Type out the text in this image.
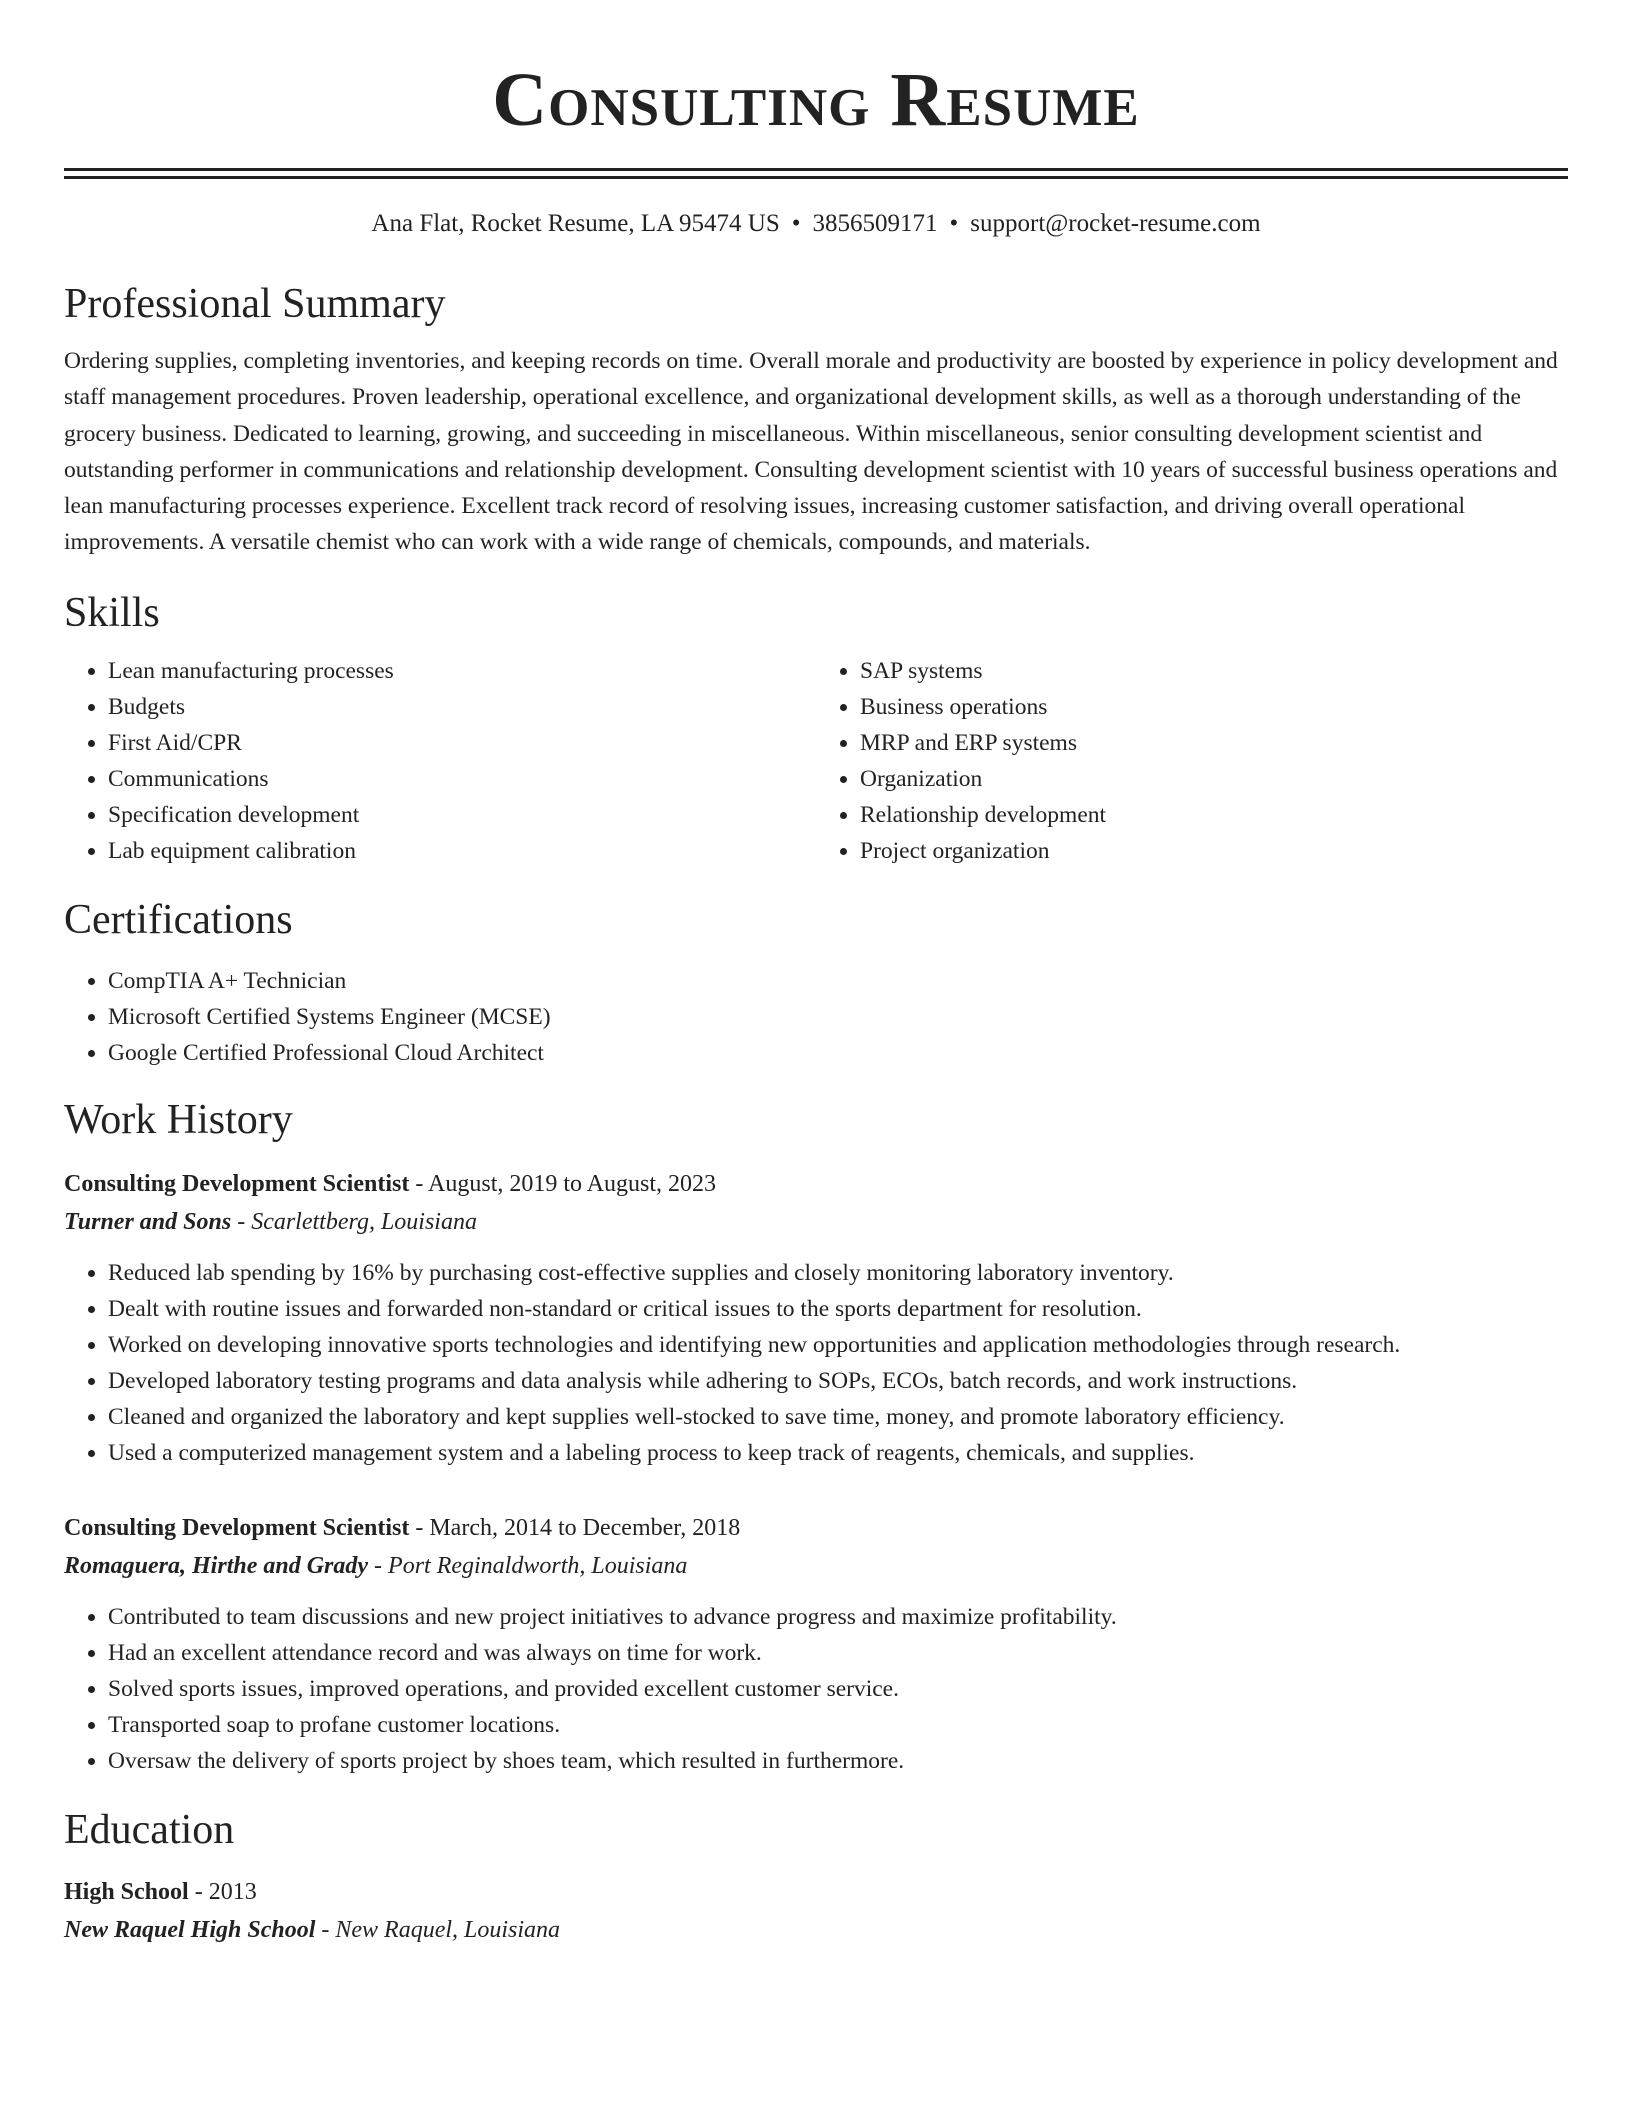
Consulting Resume
Ana Flat, Rocket Resume, LA 95474 US • 3856509171 • support@rocket-resume.com
Professional Summary

Ordering supplies, completing inventories, and keeping records on time. Overall morale and productivity are boosted by experience in policy development and staff management procedures. Proven leadership, operational excellence, and organizational development skills, as well as a thorough understanding of the grocery business. Dedicated to learning, growing, and succeeding in miscellaneous. Within miscellaneous, senior consulting development scientist and outstanding performer in communications and relationship development. Consulting development scientist with 10 years of successful business operations and lean manufacturing processes experience. Excellent track record of resolving issues, increasing customer satisfaction, and driving overall operational improvements. A versatile chemist who can work with a wide range of chemicals, compounds, and materials.

Skills
• Lean manufacturing processes
• Budgets
• First Aid/CPR
• Communications
• Specification development
• Lab equipment calibration
• SAP systems
• Business operations
• MRP and ERP systems
• Organization
• Relationship development
• Project organization
Certifications
• CompTIA A+ Technician
• Microsoft Certified Systems Engineer (MCSE)
• Google Certified Professional Cloud Architect
Work History
Consulting Development Scientist - August, 2019 to August, 2023
Turner and Sons - Scarlettberg, Louisiana
• Reduced lab spending by 16% by purchasing cost-effective supplies and closely monitoring laboratory inventory.
• Dealt with routine issues and forwarded non-standard or critical issues to the sports department for resolution.
• Worked on developing innovative sports technologies and identifying new opportunities and application methodologies through research.
• Developed laboratory testing programs and data analysis while adhering to SOPs, ECOs, batch records, and work instructions.
• Cleaned and organized the laboratory and kept supplies well-stocked to save time, money, and promote laboratory efficiency.
• Used a computerized management system and a labeling process to keep track of reagents, chemicals, and supplies.
Consulting Development Scientist - March, 2014 to December, 2018
Romaguera, Hirthe and Grady - Port Reginaldworth, Louisiana
• Contributed to team discussions and new project initiatives to advance progress and maximize profitability.
• Had an excellent attendance record and was always on time for work.
• Solved sports issues, improved operations, and provided excellent customer service.
• Transported soap to profane customer locations.
• Oversaw the delivery of sports project by shoes team, which resulted in furthermore.
Education
High School - 2013
New Raquel High School - New Raquel, Louisiana
